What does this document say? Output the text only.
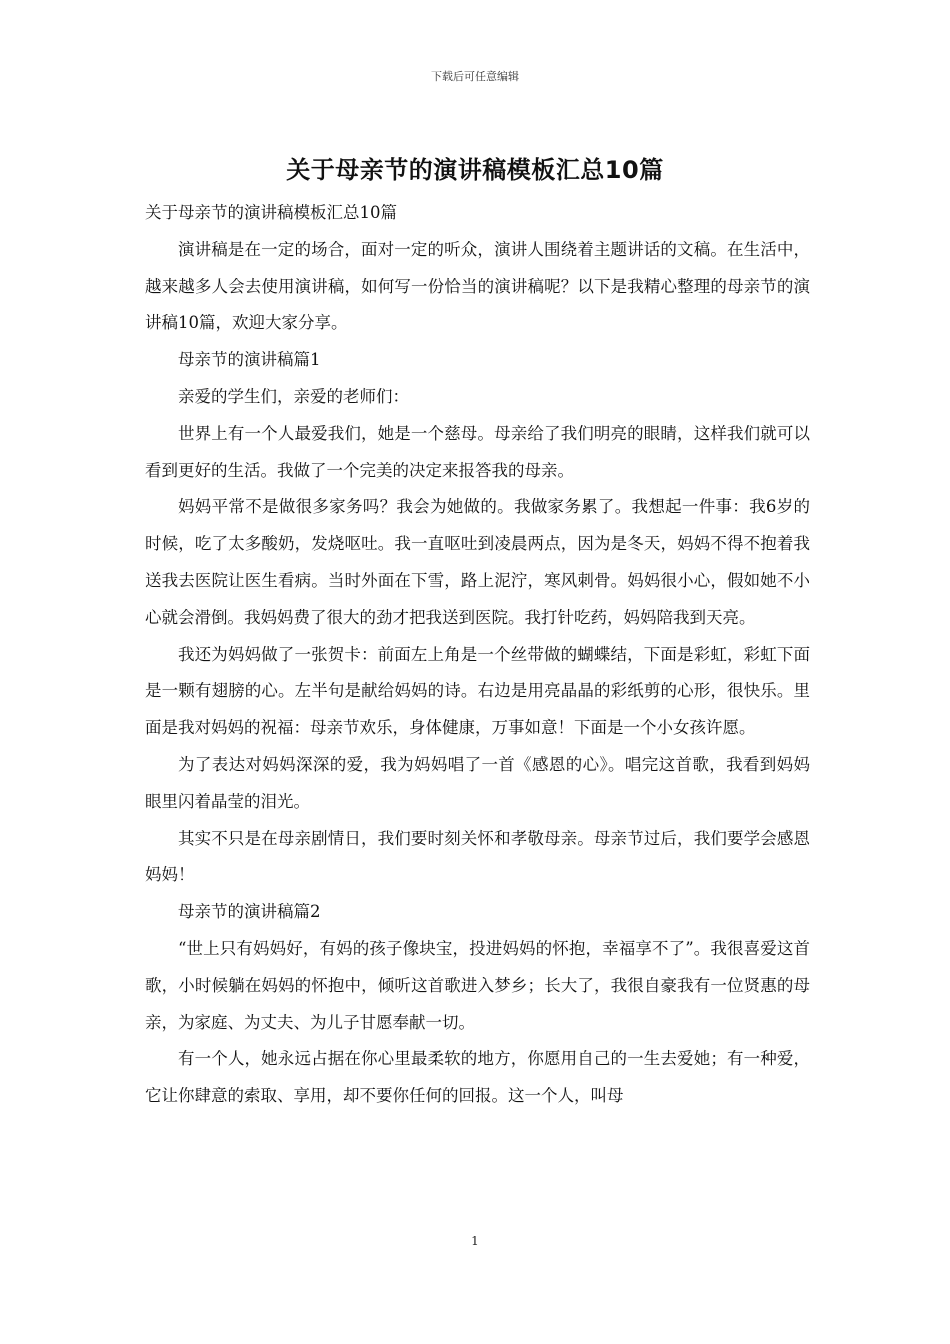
下载后可任意编辑
关于母亲节的演讲稿模板汇总10篇

关于母亲节的演讲稿模板汇总10篇

演讲稿是在一定的场合，面对一定的听众，演讲人围绕着主题讲话的文稿。在生活中，越来越多人会去使用演讲稿，如何写一份恰当的演讲稿呢？以下是我精心整理的母亲节的演讲稿10篇，欢迎大家分享。

母亲节的演讲稿篇1

亲爱的学生们，亲爱的老师们：

世界上有一个人最爱我们，她是一个慈母。母亲给了我们明亮的眼睛，这样我们就可以看到更好的生活。我做了一个完美的决定来报答我的母亲。

妈妈平常不是做很多家务吗？我会为她做的。我做家务累了。我想起一件事：我6岁的时候，吃了太多酸奶，发烧呕吐。我一直呕吐到凌晨两点，因为是冬天，妈妈不得不抱着我送我去医院让医生看病。当时外面在下雪，路上泥泞，寒风刺骨。妈妈很小心，假如她不小心就会滑倒。我妈妈费了很大的劲才把我送到医院。我打针吃药，妈妈陪我到天亮。

我还为妈妈做了一张贺卡：前面左上角是一个丝带做的蝴蝶结，下面是彩虹，彩虹下面是一颗有翅膀的心。左半句是献给妈妈的诗。右边是用亮晶晶的彩纸剪的心形，很快乐。里面是我对妈妈的祝福：母亲节欢乐，身体健康，万事如意！下面是一个小女孩许愿。

为了表达对妈妈深深的爱，我为妈妈唱了一首《感恩的心》。唱完这首歌，我看到妈妈眼里闪着晶莹的泪光。

其实不只是在母亲剧情日，我们要时刻关怀和孝敬母亲。母亲节过后，我们要学会感恩妈妈！

母亲节的演讲稿篇2

“世上只有妈妈好，有妈的孩子像块宝，投进妈妈的怀抱，幸福享不了”。我很喜爱这首歌，小时候躺在妈妈的怀抱中，倾听这首歌进入梦乡；长大了，我很自豪我有一位贤惠的母亲，为家庭、为丈夫、为儿子甘愿奉献一切。

有一个人，她永远占据在你心里最柔软的地方，你愿用自己的一生去爱她；有一种爱，它让你肆意的索取、享用，却不要你任何的回报。这一个人，叫母

1
